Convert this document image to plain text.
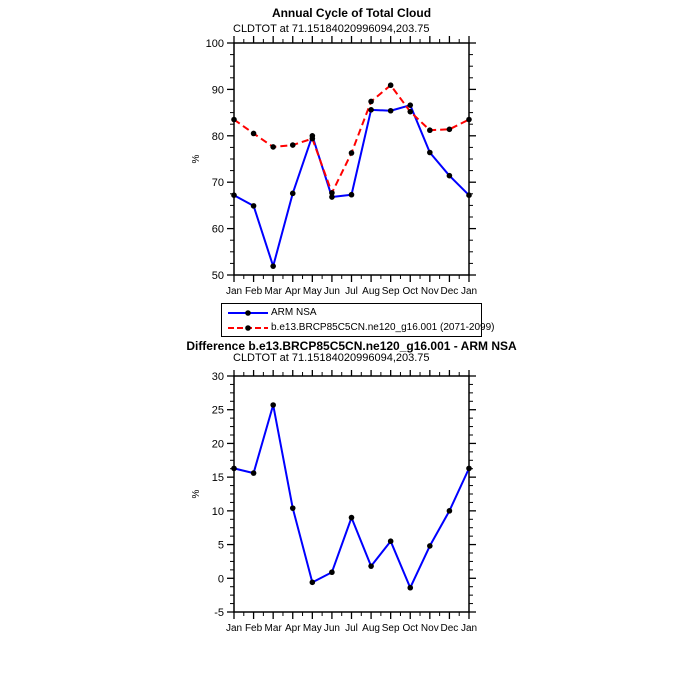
Annual Cycle of Total Cloud
CLDTOT at 71.15184020996094,203.75
50
60
70
80
90
100
Jan Feb Mar Apr May Jun Jul Aug Sep Oct Nov Dec Jan
%
ARM NSA
b.e13.BRCP85C5CN.ne120_g16.001 (2071-2099)
Difference b.e13.BRCP85C5CN.ne120_g16.001 - ARM NSA
CLDTOT at 71.15184020996094,203.75
-5
0
5
10
15
20
25
30
Jan Feb Mar Apr May Jun Jul Aug Sep Oct Nov Dec Jan
%
